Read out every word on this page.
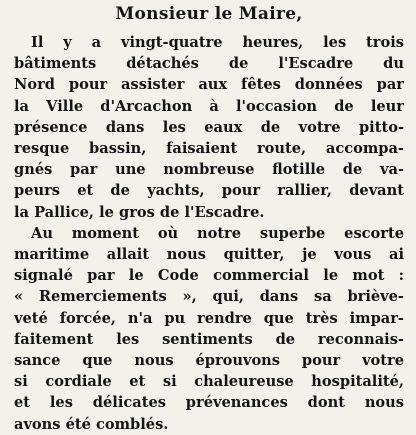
Monsieur le Maire,
Il y a vingt-quatre heures, les trois
bâtiments détachés de l'Escadre du
Nord pour assister aux fêtes données par
la Ville d'Arcachon à l'occasion de leur
présence dans les eaux de votre pitto-
resque bassin, faisaient route, accompa-
gnés par une nombreuse flotille de va-
peurs et de yachts, pour rallier, devant
la Pallice, le gros de l'Escadre.
Au moment où notre superbe escorte
maritime allait nous quitter, je vous ai
signalé par le Code commercial le mot :
« Remerciements », qui, dans sa briève-
veté forcée, n'a pu rendre que très impar-
faitement les sentiments de reconnais-
sance que nous éprouvons pour votre
si cordiale et si chaleureuse hospitalité,
et les délicates prévenances dont nous
avons été comblés.
